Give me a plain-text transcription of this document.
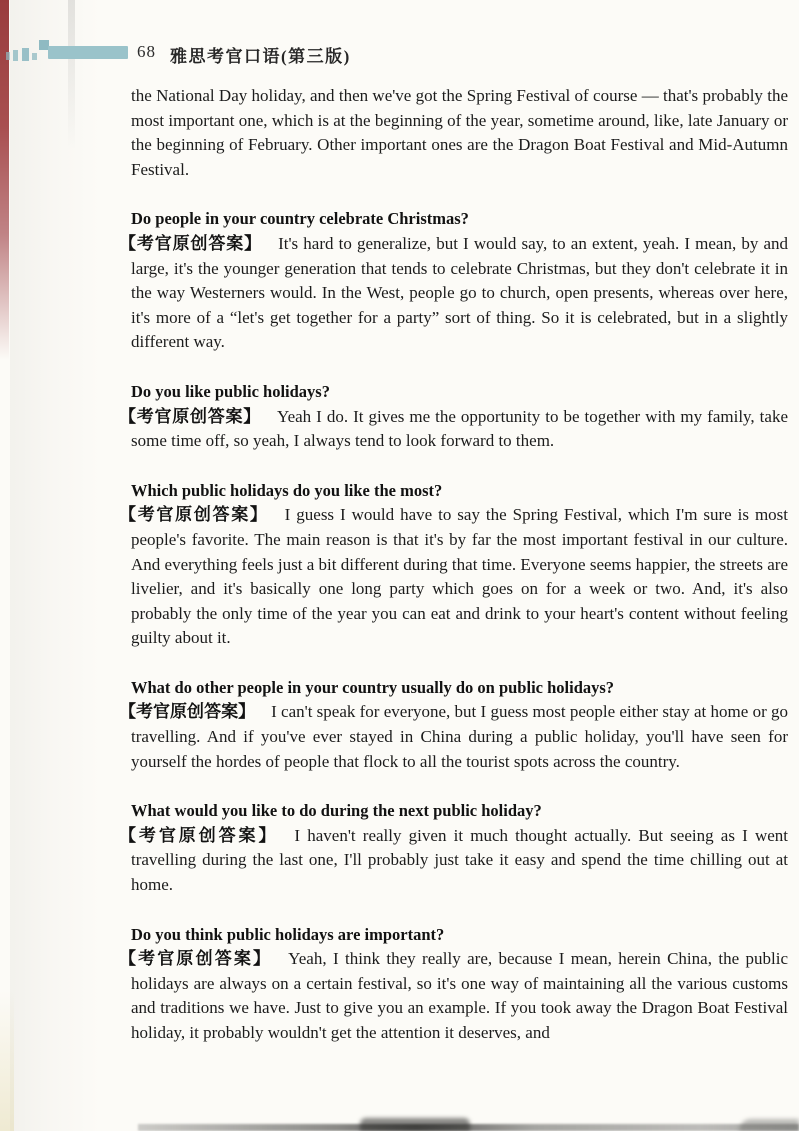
68 雅思考官口语(第三版)

the National Day holiday, and then we've got the Spring Festival of course — that's probably the most important one, which is at the beginning of the year, sometime around, like, late January or the beginning of February. Other important ones are the Dragon Boat Festival and Mid-Autumn Festival.

Do people in your country celebrate Christmas?

【考官原创答案】 It's hard to generalize, but I would say, to an extent, yeah. I mean, by and large, it's the younger generation that tends to celebrate Christmas, but they don't celebrate it in the way Westerners would. In the West, people go to church, open presents, whereas over here, it's more of a “let's get together for a party” sort of thing. So it is celebrated, but in a slightly different way.

Do you like public holidays?

【考官原创答案】 Yeah I do. It gives me the opportunity to be together with my family, take some time off, so yeah, I always tend to look forward to them.

Which public holidays do you like the most?

【考官原创答案】 I guess I would have to say the Spring Festival, which I'm sure is most people's favorite. The main reason is that it's by far the most important festival in our culture. And everything feels just a bit different during that time. Everyone seems happier, the streets are livelier, and it's basically one long party which goes on for a week or two. And, it's also probably the only time of the year you can eat and drink to your heart's content without feeling guilty about it.

What do other people in your country usually do on public holidays?

【考官原创答案】 I can't speak for everyone, but I guess most people either stay at home or go travelling. And if you've ever stayed in China during a public holiday, you'll have seen for yourself the hordes of people that flock to all the tourist spots across the country.

What would you like to do during the next public holiday?

【考官原创答案】 I haven't really given it much thought actually. But seeing as I went travelling during the last one, I'll probably just take it easy and spend the time chilling out at home.

Do you think public holidays are important?

【考官原创答案】 Yeah, I think they really are, because I mean, herein China, the public holidays are always on a certain festival, so it's one way of maintaining all the various customs and traditions we have. Just to give you an example. If you took away the Dragon Boat Festival holiday, it probably wouldn't get the attention it deserves, and
